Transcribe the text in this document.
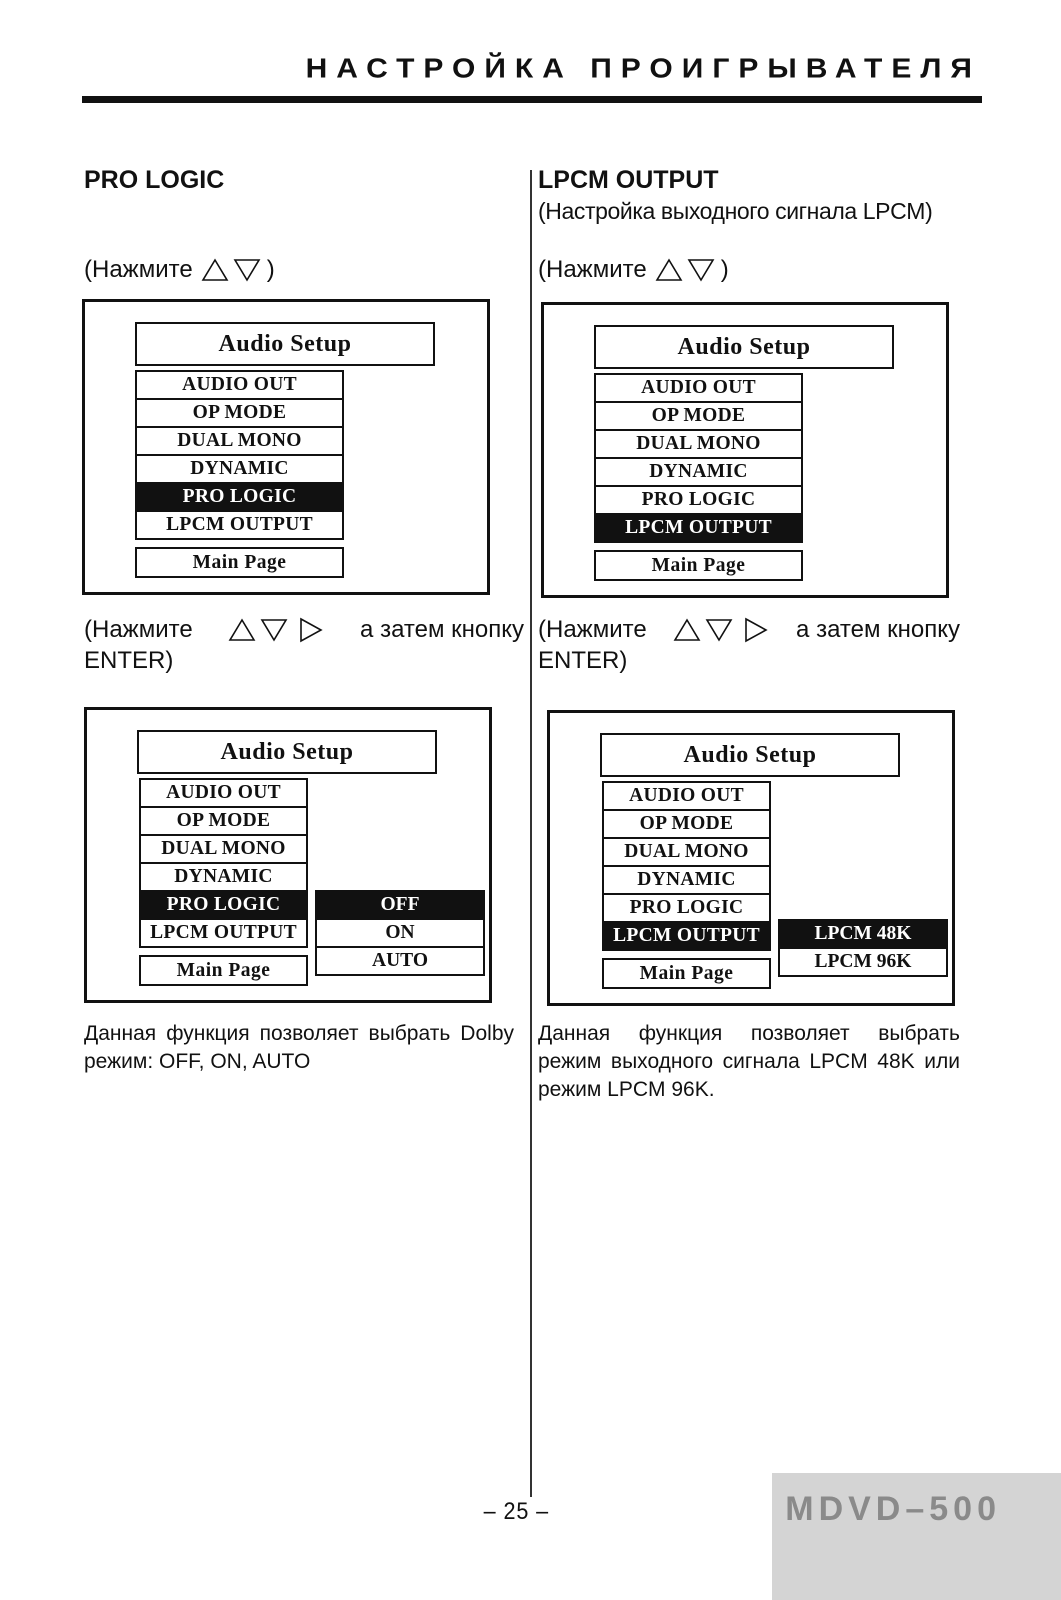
НАСТРОЙКА ПРОИГРЫВАТЕЛЯ
PRO LOGIC
(Нажмите	)
Audio Setup
AUDIO OUT
OP MODE
DUAL MONO
DYNAMIC
PRO LOGIC
LPCM OUTPUT
Main Page
(Нажмите	а затем кнопку
ENTER)
Audio Setup
AUDIO OUT
OP MODE
DUAL MONO
DYNAMIC
PRO LOGIC
LPCM OUTPUT
Main Page
OFF
ON
AUTO
Данная функция позволяет выбрать Dolby режим: OFF, ON, AUTO
LPCM OUTPUT
(Настройка выходного сигнала LPCM)
(Нажмите	)
Audio Setup
AUDIO OUT
OP MODE
DUAL MONO
DYNAMIC
PRO LOGIC
LPCM OUTPUT
Main Page
(Нажмите	а затем кнопку
ENTER)
Audio Setup
AUDIO OUT
OP MODE
DUAL MONO
DYNAMIC
PRO LOGIC
LPCM OUTPUT
Main Page
LPCM 48K
LPCM 96K
Данная функция позволяет выбрать режим выходного сигнала LPCM 48K или режим LPCM 96K.
– 25 –	MDVD–500
